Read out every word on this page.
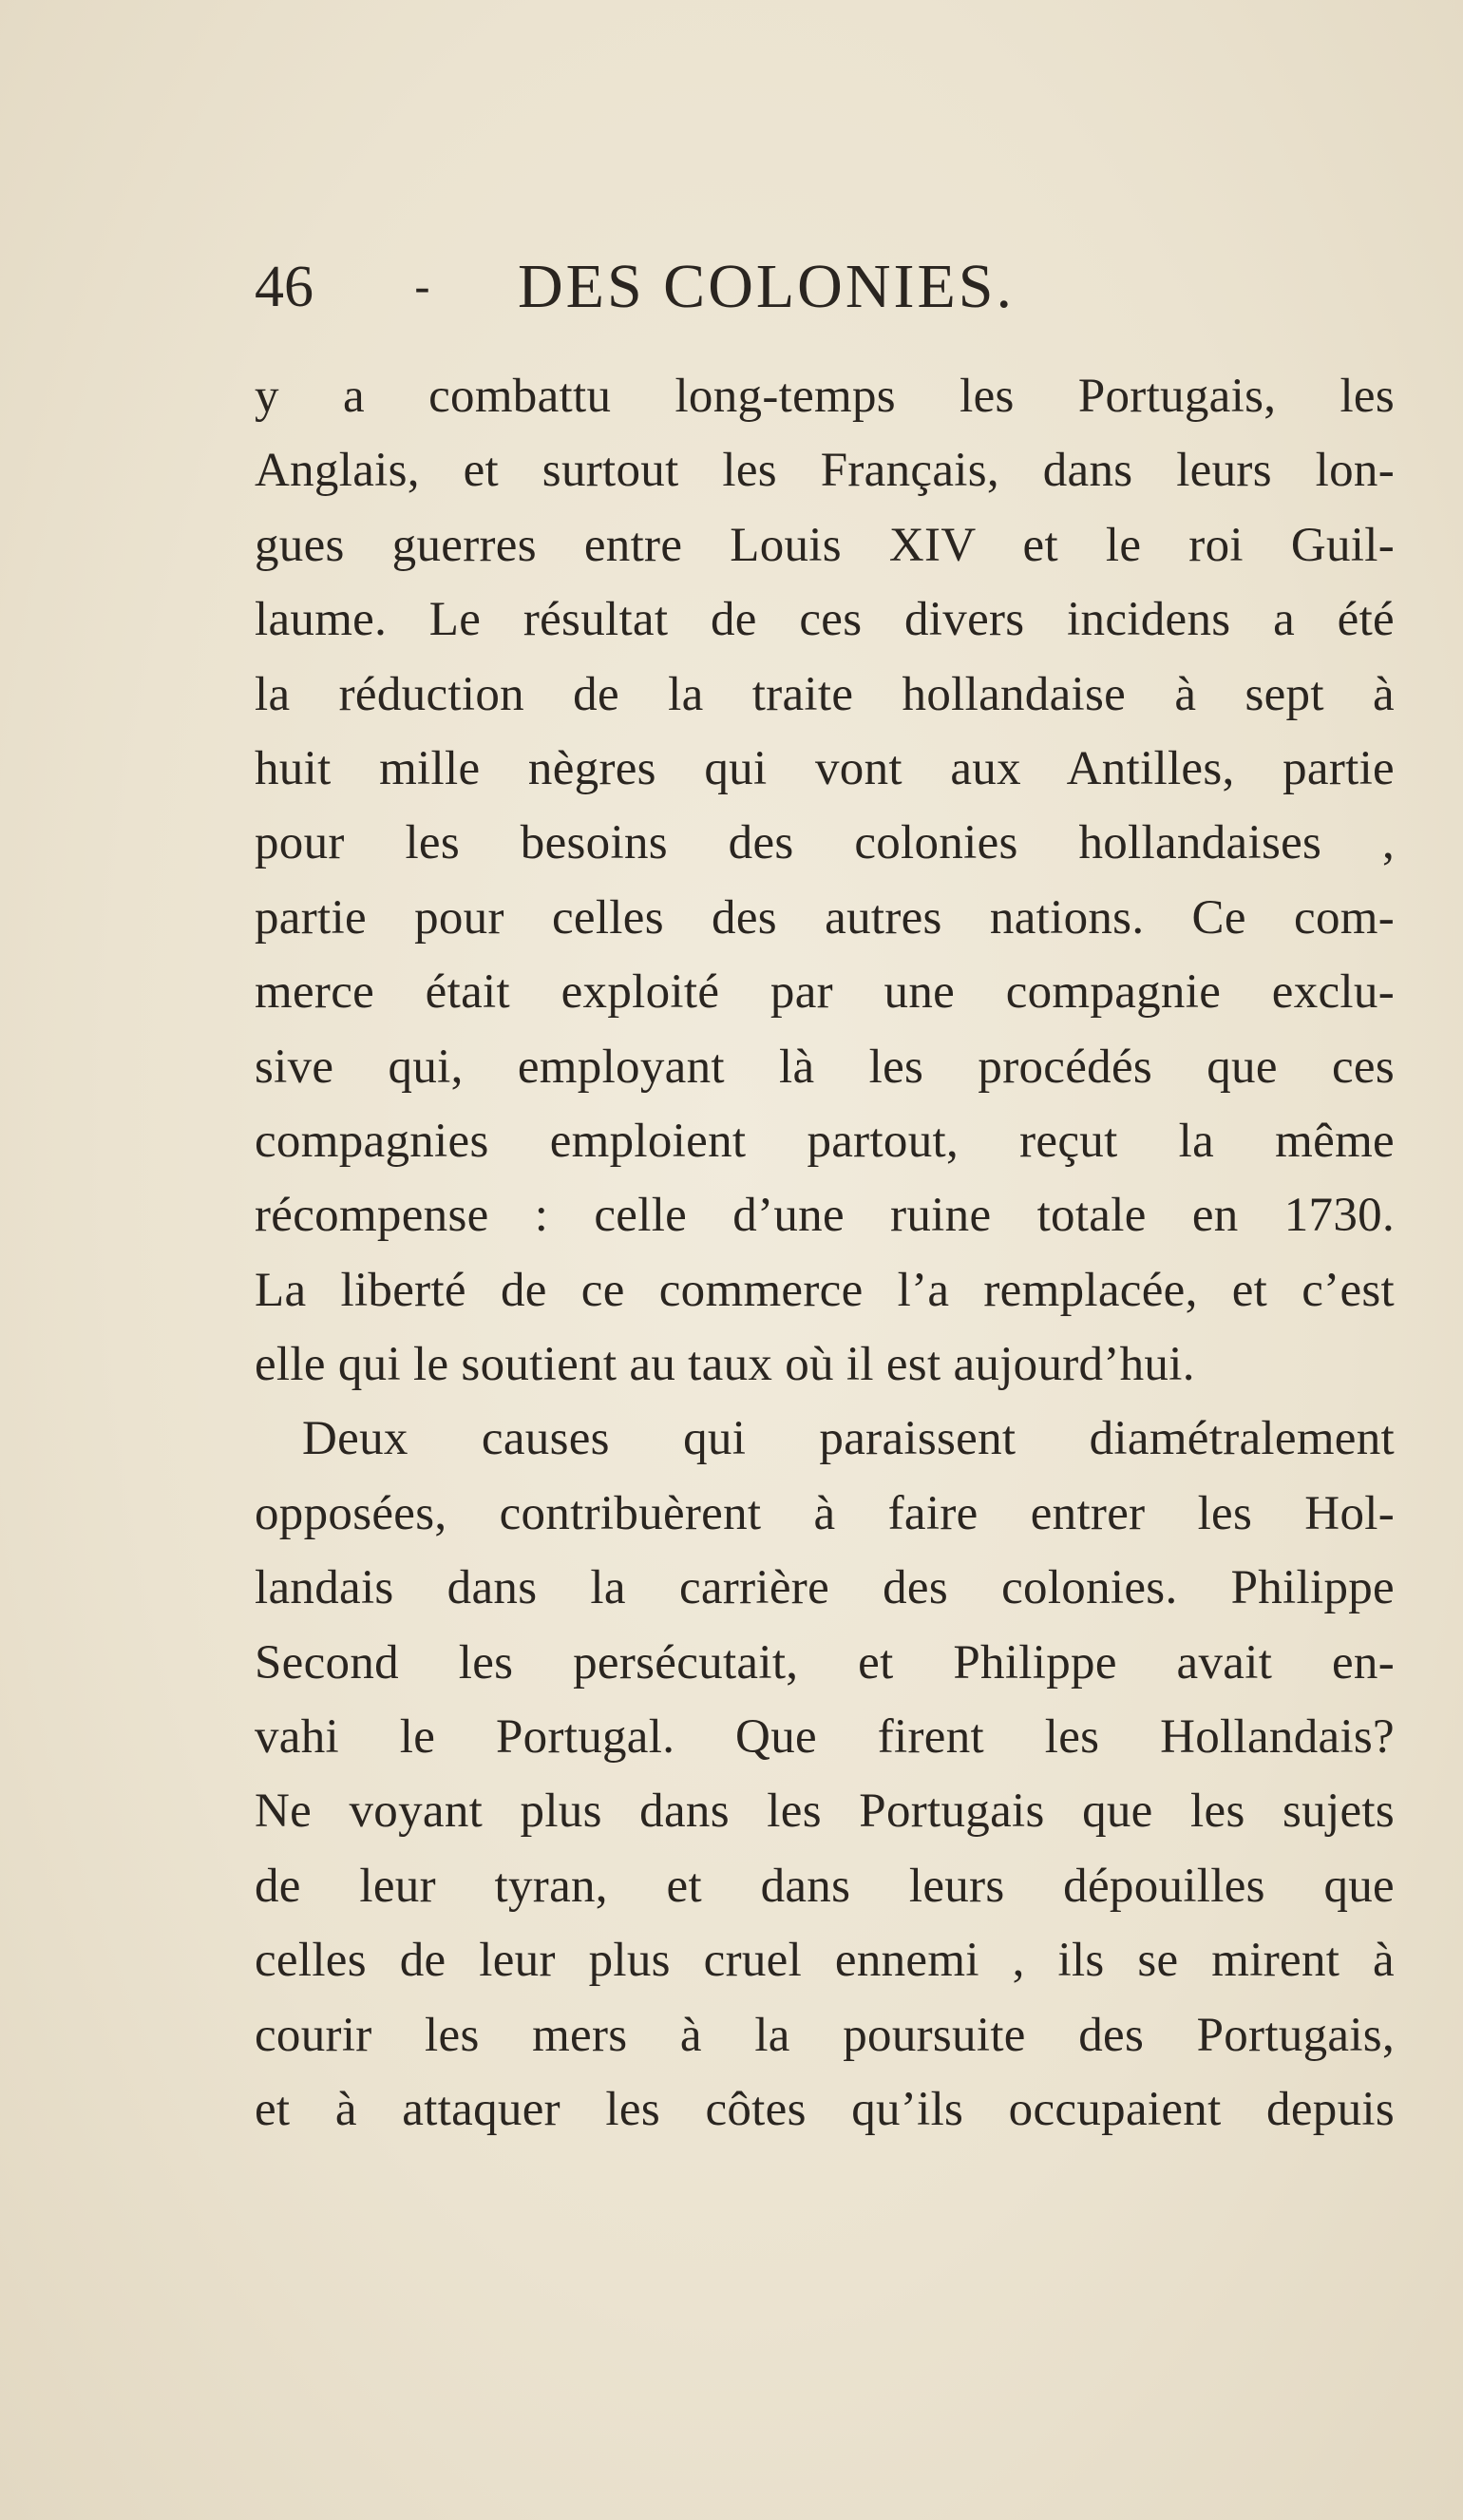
46 - DES COLONIES.
y a combattu long-temps les Portugais, les
Anglais, et surtout les Français, dans leurs lon-
gues guerres entre Louis XIV et le roi Guil-
laume. Le résultat de ces divers incidens a été
la réduction de la traite hollandaise à sept à
huit mille nègres qui vont aux Antilles, partie
pour les besoins des colonies hollandaises ,
partie pour celles des autres nations. Ce com-
merce était exploité par une compagnie exclu-
sive qui, employant là les procédés que ces
compagnies emploient partout, reçut la même
récompense : celle d’une ruine totale en 1730.
La liberté de ce commerce l’a remplacée, et c’est
elle qui le soutient au taux où il est aujourd’hui.
Deux causes qui paraissent diamétralement
opposées, contribuèrent à faire entrer les Hol-
landais dans la carrière des colonies. Philippe
Second les persécutait, et Philippe avait en-
vahi le Portugal. Que firent les Hollandais?
Ne voyant plus dans les Portugais que les sujets
de leur tyran, et dans leurs dépouilles que
celles de leur plus cruel ennemi , ils se mirent à
courir les mers à la poursuite des Portugais,
et à attaquer les côtes qu’ils occupaient depuis
